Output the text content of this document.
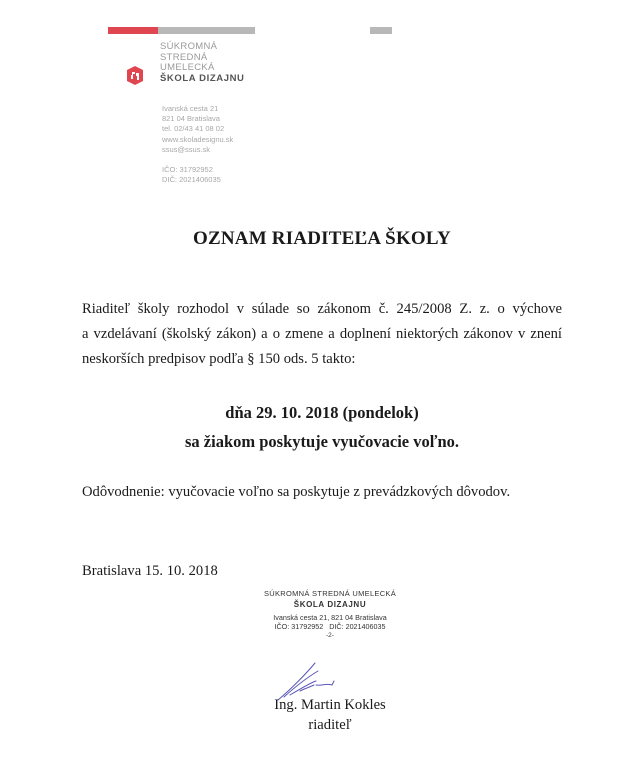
SÚKROMNÁ
STREDNÁ
UMELECKÁ
ŠKOLA DIZAJNU
Ivanská cesta 21
821 04 Bratislava
tel. 02/43 41 08 02
www.skoladesignu.sk
ssus@ssus.sk
IČO: 31792952
DIČ: 2021406035
OZNAM RIADITEĽA ŠKOLY
Riaditeľ školy rozhodol v súlade so zákonom č. 245/2008 Z. z. o výchove
a vzdelávaní (školský zákon) a o zmene a doplnení niektorých zákonov v znení
neskorších predpisov podľa § 150 ods. 5 takto:
dňa 29. 10. 2018 (pondelok)
sa žiakom poskytuje vyučovacie voľno.
Odôvodnenie: vyučovacie voľno sa poskytuje z prevádzkových dôvodov.
Bratislava 15. 10. 2018
SÚKROMNÁ STREDNÁ UMELECKÁ
ŠKOLA DIZAJNU
Ivanská cesta 21, 821 04 Bratislava
IČO: 31792952   DIČ: 2021406035
-2-
Ing. Martin Kokles
riaditeľ
